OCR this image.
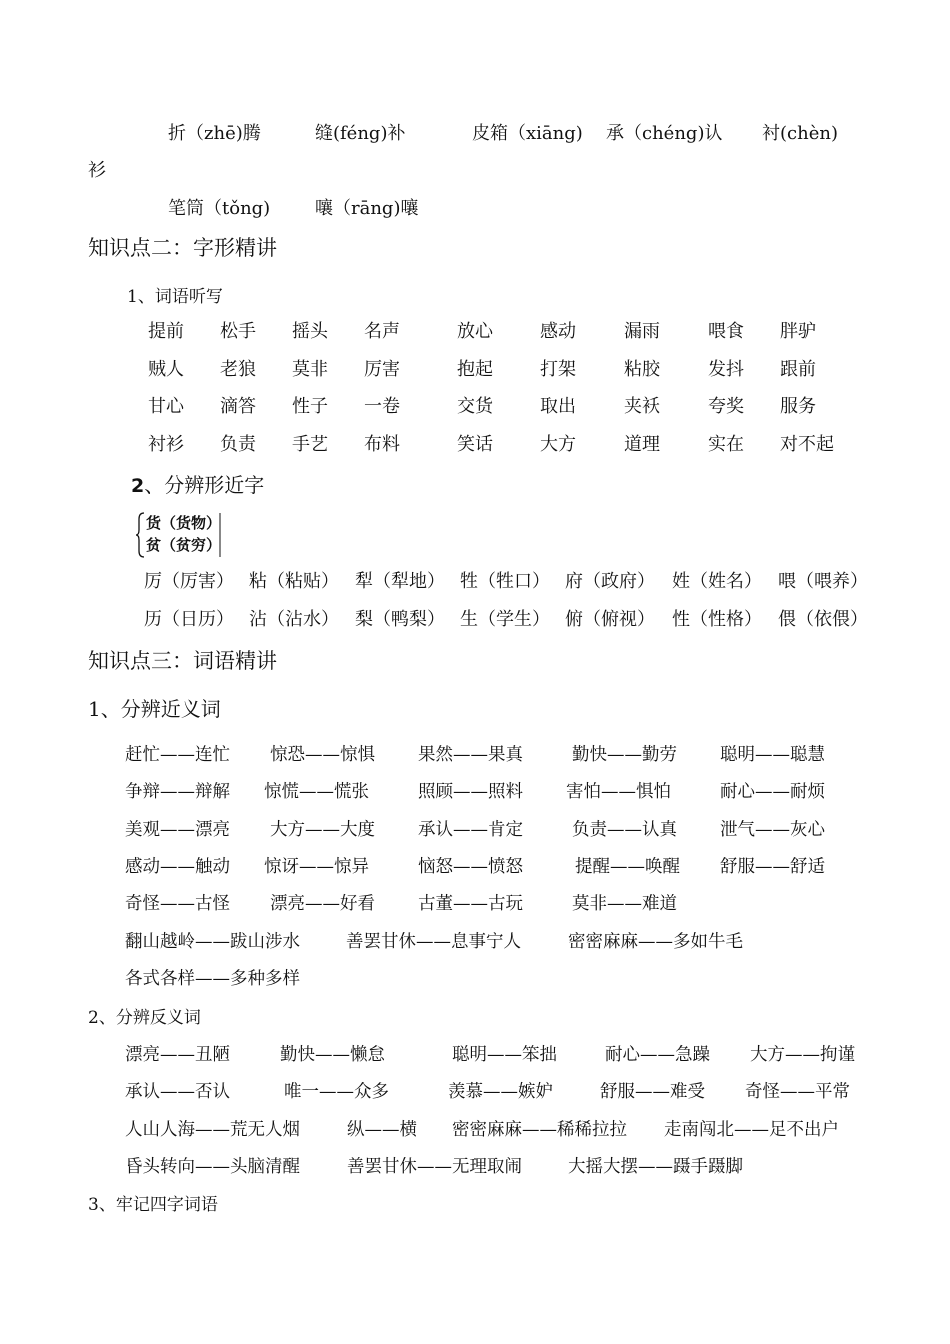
折（zhē)腾	缝(féng)补	皮箱（xiāng) 承（chéng)认 衬(chèn)
衫
笔筒（tǒng) 嚷（rāng)嚷
知识点二：字形精讲
1、词语听写
提前 松手 摇头 名声	放心	感动	漏雨	喂食 胖驴
贼人 老狼 莫非 厉害	抱起	打架	粘胶	发抖 跟前
甘心 滴答 性子 一卷	交货	取出	夹袄	夸奖 服务
衬衫 负责 手艺 布料	笑话	大方	道理	实在 对不起
2、分辨形近字
货（货物）
贫（贫穷）
厉（厉害） 粘（粘贴） 犁（犁地） 牲（牲口） 府（政府） 姓（姓名） 喂（喂养）
历（日历） 沾（沾水） 梨（鸭梨） 生（学生） 俯（俯视） 性（性格） 偎（依偎）
知识点三：词语精讲
1、分辨近义词
赶忙——连忙 惊恐——惊惧 果然——果真	勤快——勤劳 聪明——聪慧
争辩——辩解 惊慌——慌张	照顾——照料 害怕——惧怕	耐心——耐烦
美观——漂亮 大方——大度 承认——肯定	负责——认真 泄气——灰心
感动——触动 惊讶——惊异	恼怒——愤怒	提醒——唤醒 舒服——舒适
奇怪——古怪 漂亮——好看 古董——古玩	莫非——难道
翻山越岭——跋山涉水	善罢甘休——息事宁人	密密麻麻——多如牛毛
各式各样——多种多样
2、分辨反义词
漂亮——丑陋	勤快——懒怠	聪明——笨拙	耐心——急躁 大方——拘谨
承认——否认	唯一——众多	羡慕——嫉妒	舒服——难受 奇怪——平常
人山人海——荒无人烟	纵——横 密密麻麻——稀稀拉拉 走南闯北——足不出户
昏头转向——头脑清醒	善罢甘休——无理取闹	大摇大摆——蹑手蹑脚
3、牢记四字词语
